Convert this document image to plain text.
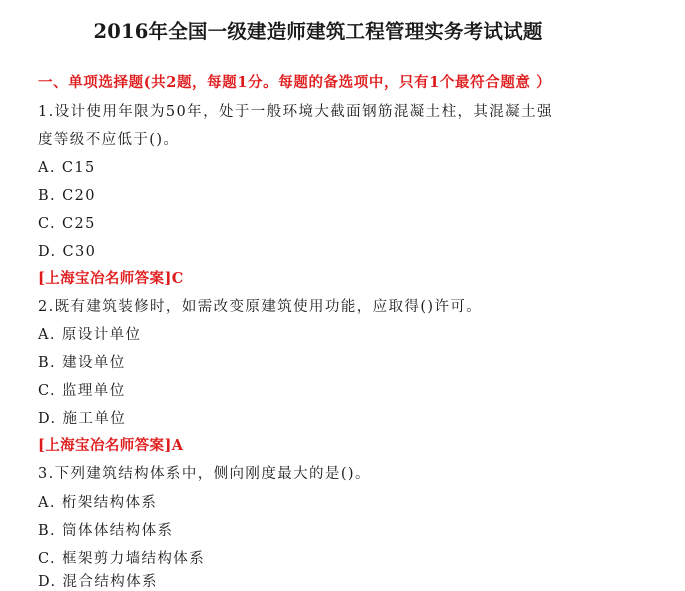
2016年全国一级建造师建筑工程管理实务考试试题
一、单项选择题(共2题，每题1分。每题的备选项中，只有1个最符合题意 ）
1.设计使用年限为50年，处于一般环境大截面钢筋混凝土柱，其混凝土强
度等级不应低于()。
A. C15
B. C20
C. C25
D. C30
[上海宝冶名师答案]C
2.既有建筑装修时，如需改变原建筑使用功能，应取得()许可。
A. 原设计单位
B. 建设单位
C. 监理单位
D. 施工单位
[上海宝冶名师答案]A
3.下列建筑结构体系中，侧向刚度最大的是()。
A. 桁架结构体系
B. 筒体体结构体系
C. 框架剪力墙结构体系
D. 混合结构体系
